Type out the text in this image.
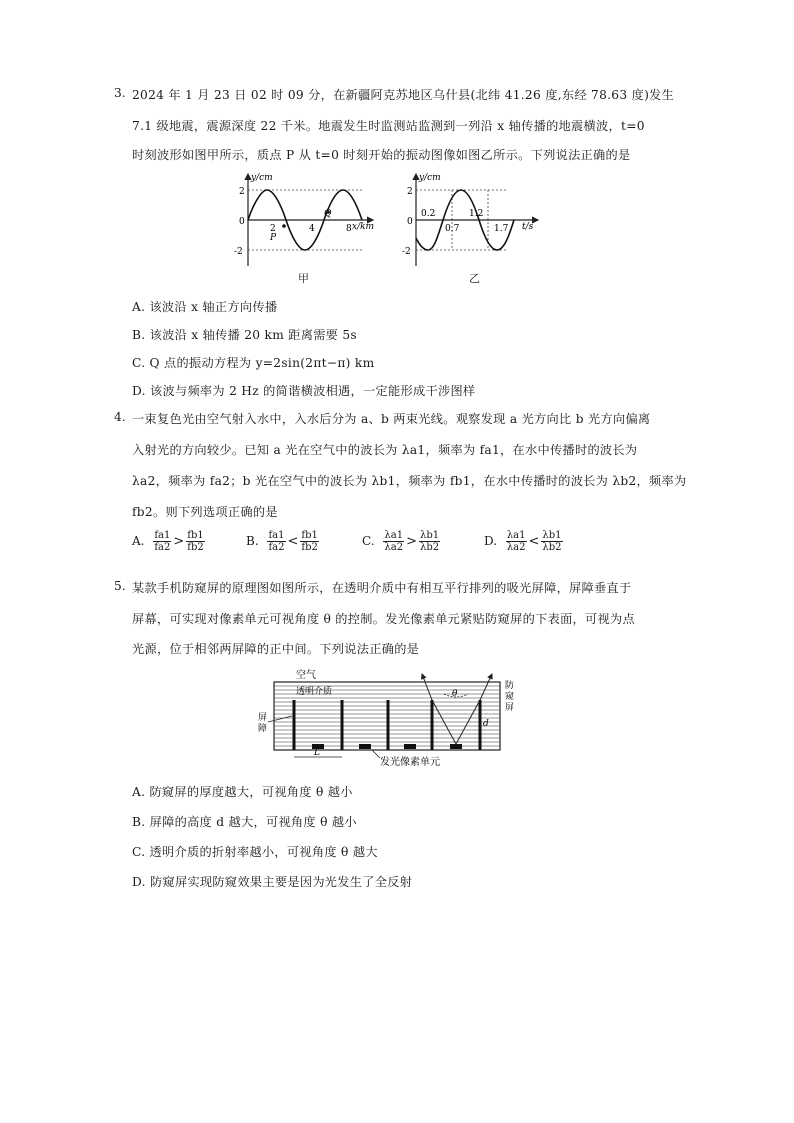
3. 2024 年 1 月 23 日 02 时 09 分，在新疆阿克苏地区乌什县(北纬 41.26 度,东经 78.63 度)发生
7.1 级地震，震源深度 22 千米。地震发生时监测站监测到一列沿 x 轴传播的地震横波，t=0
时刻波形如图甲所示，质点 P 从 t=0 时刻开始的振动图像如图乙所示。下列说法正确的是
y/cm
2
0
-2
2	4	8
P
Q
x/km
甲
y/cm
2
0
-2
0.2
0.7
1.2
1.7 t/s
乙
A. 该波沿 x 轴正方向传播
B. 该波沿 x 轴传播 20 km 距离需要 5s
C. Q 点的振动方程为 y=2sin(2πt−π) km
D. 该波与频率为 2 Hz 的简谐横波相遇，一定能形成干涉图样
4. 一束复色光由空气射入水中，入水后分为 a、b 两束光线。观察发现 a 光方向比 b 光方向偏离
入射光的方向较少。已知 a 光在空气中的波长为 λa1，频率为 fa1，在水中传播时的波长为
λa2，频率为 fa2；b 光在空气中的波长为 λb1，频率为 fb1，在水中传播时的波长为 λb2，频率为
fb2。则下列选项正确的是
A. $\frac{fa1}{fa2} > \frac{fb1}{fb2}$	B. $\frac{fa1}{fa2} < \frac{fb1}{fb2}$	C. $\frac{\lambda a1}{\lambda a2} > \frac{\lambda b1}{\lambda b2}$	D. $\frac{\lambda a1}{\lambda a2} < \frac{\lambda b1}{\lambda b2}$
5. 某款手机防窥屏的原理图如图所示，在透明介质中有相互平行排列的吸光屏障，屏障垂直于
屏幕，可实现对像素单元可视角度 θ 的控制。发光像素单元紧贴防窥屏的下表面，可视为点
光源，位于相邻两屏障的正中间。下列说法正确的是
θ
d
L
空气
透明介质
屏障
防窥屏
发光像素单元
A. 防窥屏的厚度越大，可视角度 θ 越小
B. 屏障的高度 d 越大，可视角度 θ 越小
C. 透明介质的折射率越小，可视角度 θ 越大
D. 防窥屏实现防窥效果主要是因为光发生了全反射
